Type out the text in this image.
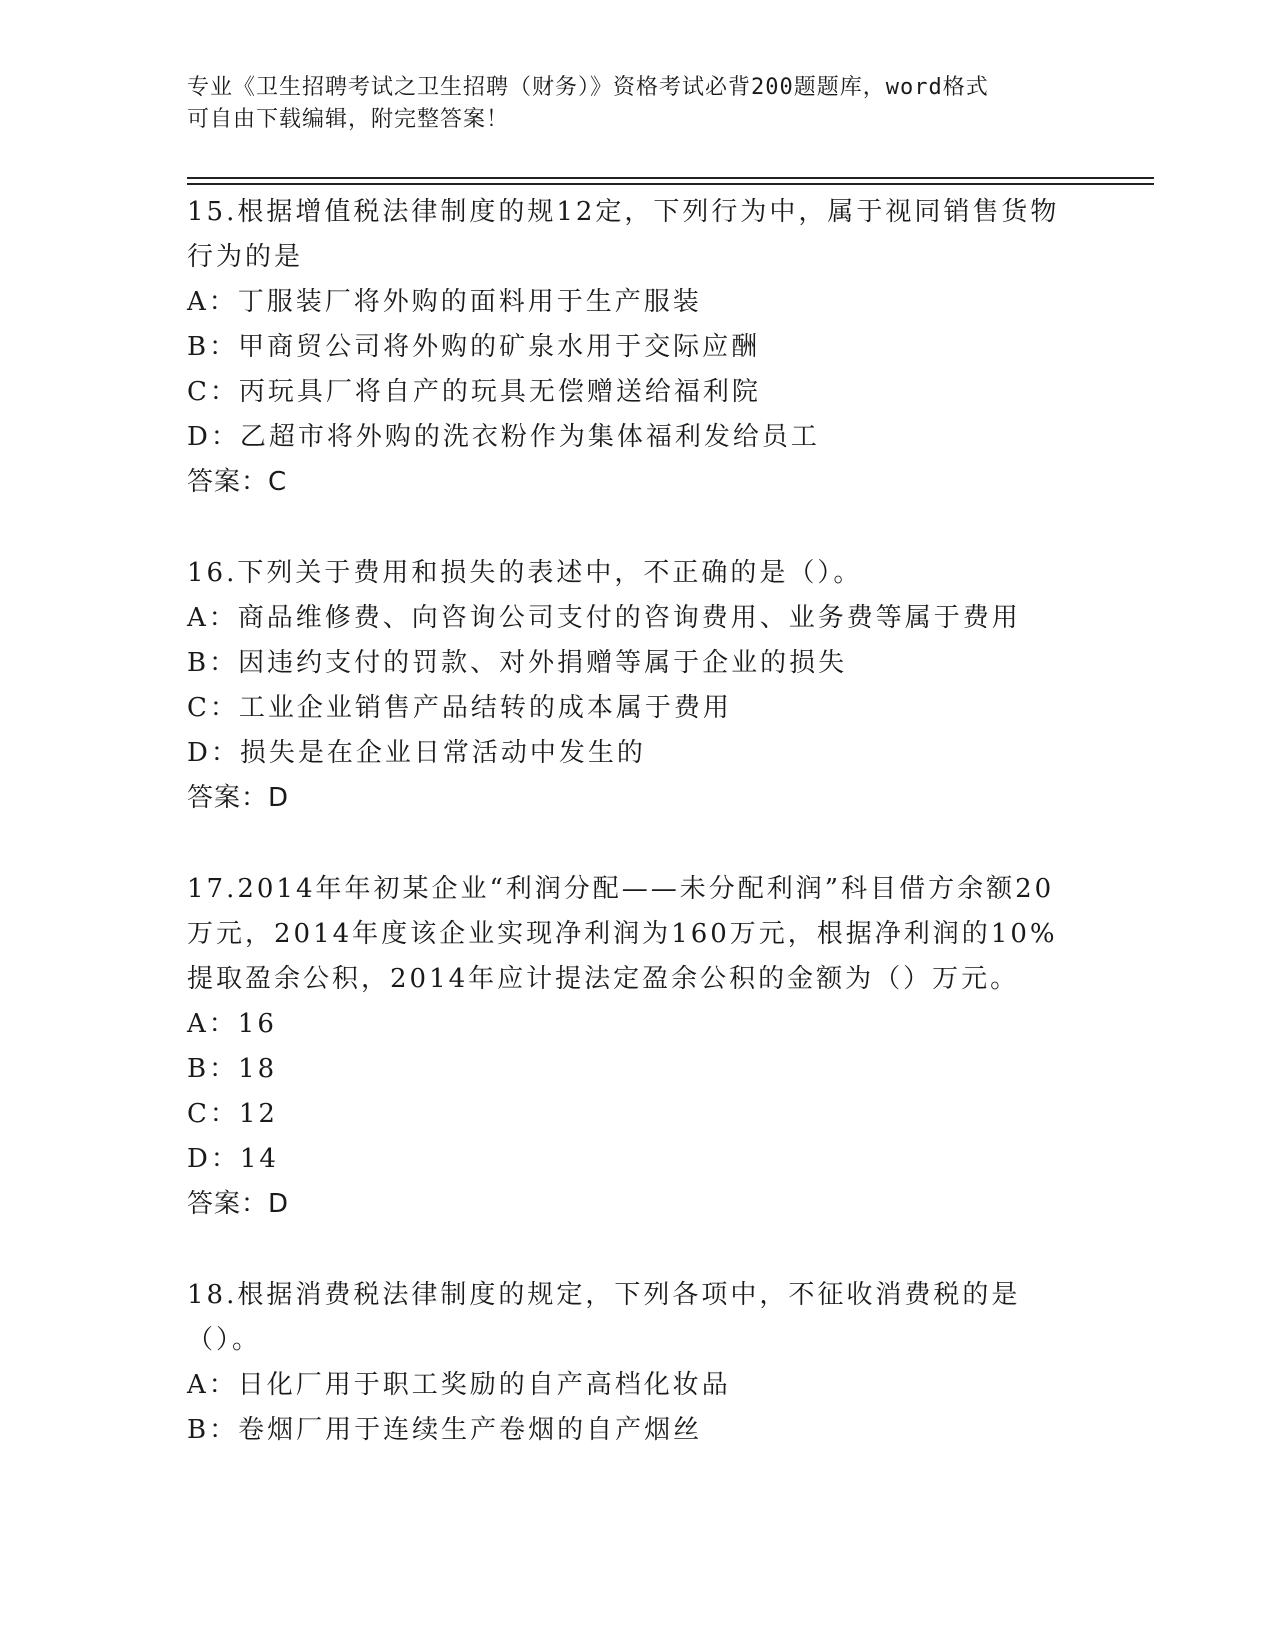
专业《卫生招聘考试之卫生招聘（财务）》资格考试必背200题题库，word格式
可自由下载编辑，附完整答案！

15.根据增值税法律制度的规12定，下列行为中，属于视同销售货物行为的是

A：丁服装厂将外购的面料用于生产服装

B：甲商贸公司将外购的矿泉水用于交际应酬

C：丙玩具厂将自产的玩具无偿赠送给福利院

D：乙超市将外购的洗衣粉作为集体福利发给员工

答案：C

16.下列关于费用和损失的表述中，不正确的是（）。

A：商品维修费、向咨询公司支付的咨询费用、业务费等属于费用

B：因违约支付的罚款、对外捐赠等属于企业的损失

C：工业企业销售产品结转的成本属于费用

D：损失是在企业日常活动中发生的

答案：D

17.2014年年初某企业“利润分配——未分配利润”科目借方余额20万元，2014年度该企业实现净利润为160万元，根据净利润的10%提取盈余公积，2014年应计提法定盈余公积的金额为（）万元。

A：16

B：18

C：12

D：14

答案：D

18.根据消费税法律制度的规定，下列各项中，不征收消费税的是（）。

A：日化厂用于职工奖励的自产高档化妆品

B：卷烟厂用于连续生产卷烟的自产烟丝
